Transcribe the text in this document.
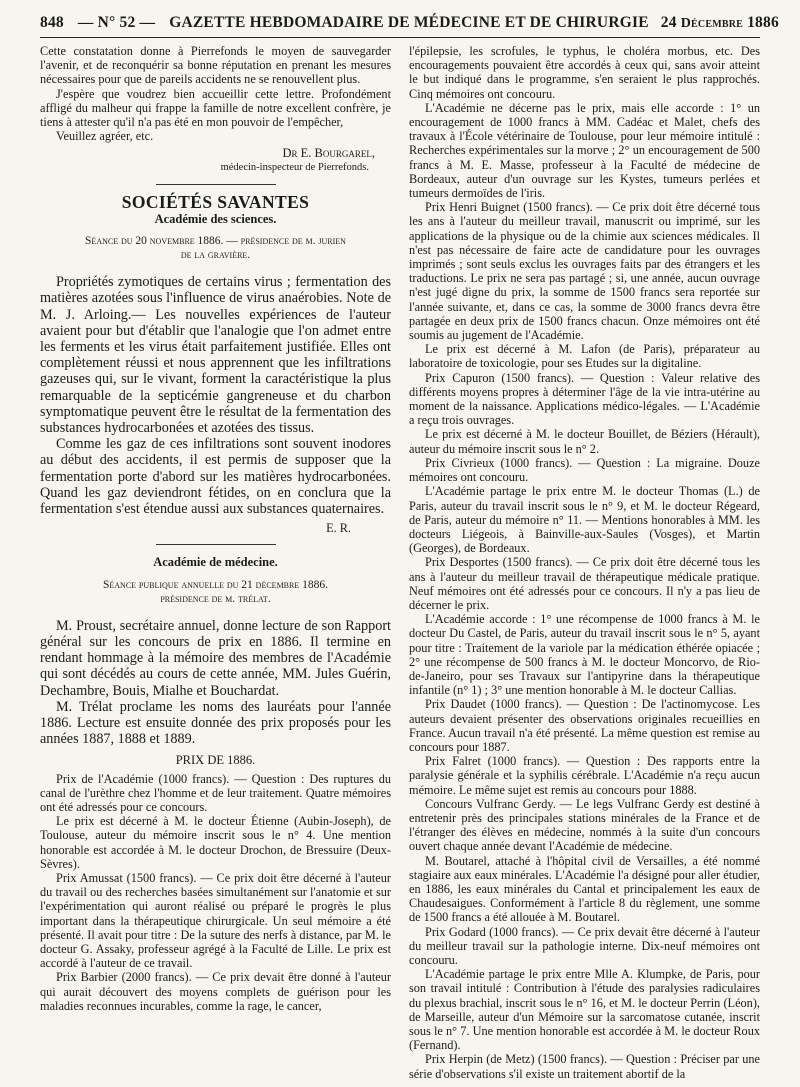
848 — N° 52 — GAZETTE HEBDOMADAIRE DE MÉDECINE ET DE CHIRURGIE 24 Décembre 1886

Cette constatation donne à Pierrefonds le moyen de sauvegarder l'avenir, et de reconquérir sa bonne réputation en prenant les mesures nécessaires pour que de pareils accidents ne se renouvellent plus.

J'espère que voudrez bien accueillir cette lettre. Profondément affligé du malheur qui frappe la famille de notre excellent confrère, je tiens à attester qu'il n'a pas été en mon pouvoir de l'empêcher,

Veuillez agréer, etc.

Dr E. Bourgarel,
médecin-inspecteur de Pierrefonds.
SOCIÉTÉS SAVANTES
Académie des sciences.
Séance du 20 novembre 1886. — présidence de m. jurien
de la gravière.

Propriétés zymotiques de certains virus ; fermentation des matières azotées sous l'influence de virus anaérobies. Note de M. J. Arloing.— Les nouvelles expériences de l'auteur avaient pour but d'établir que l'analogie que l'on admet entre les ferments et les virus était parfaitement justifiée. Elles ont complètement réussi et nous apprennent que les infiltrations gazeuses qui, sur le vivant, forment la caractéristique la plus remarquable de la septicémie gangreneuse et du charbon symptomatique peuvent être le résultat de la fermentation des substances hydrocarbonées et azotées des tissus.

Comme les gaz de ces infiltrations sont souvent inodores au début des accidents, il est permis de supposer que la fermentation porte d'abord sur les matières hydrocarbonées. Quand les gaz deviendront fétides, on en conclura que la fermentation s'est étendue aussi aux substances quaternaires.

E. R.
Académie de médecine.
Séance publique annuelle du 21 décembre 1886.
présidence de m. trélat.

M. Proust, secrétaire annuel, donne lecture de son Rapport général sur les concours de prix en 1886. Il termine en rendant hommage à la mémoire des membres de l'Académie qui sont décédés au cours de cette année, MM. Jules Guérin, Dechambre, Bouis, Mialhe et Bouchardat.

M. Trélat proclame les noms des lauréats pour l'année 1886. Lecture est ensuite donnée des prix proposés pour les années 1887, 1888 et 1889.

PRIX DE 1886.

Prix de l'Académie (1000 francs). — Question : Des ruptures du canal de l'urèthre chez l'homme et de leur traitement. Quatre mémoires ont été adressés pour ce concours.

Le prix est décerné à M. le docteur Étienne (Aubin-Joseph), de Toulouse, auteur du mémoire inscrit sous le n° 4. Une mention honorable est accordée à M. le docteur Drochon, de Bressuire (Deux-Sèvres).

Prix Amussat (1500 francs). — Ce prix doit être décerné à l'auteur du travail ou des recherches basées simultanément sur l'anatomie et sur l'expérimentation qui auront réalisé ou préparé le progrès le plus important dans la thérapeutique chirurgicale. Un seul mémoire a été présenté. Il avait pour titre : De la suture des nerfs à distance, par M. le docteur G. Assaky, professeur agrégé à la Faculté de Lille. Le prix est accordé à l'auteur de ce travail.

Prix Barbier (2000 francs). — Ce prix devait être donné à l'auteur qui aurait découvert des moyens complets de guérison pour les maladies reconnues incurables, comme la rage, le cancer,

l'épilepsie, les scrofules, le typhus, le choléra morbus, etc. Des encouragements pouvaient être accordés à ceux qui, sans avoir atteint le but indiqué dans le programme, s'en seraient le plus rapprochés. Cinq mémoires ont concouru.

L'Académie ne décerne pas le prix, mais elle accorde : 1° un encouragement de 1000 francs à MM. Cadéac et Malet, chefs des travaux à l'École vétérinaire de Toulouse, pour leur mémoire intitulé : Recherches expérimentales sur la morve ; 2° un encouragement de 500 francs à M. E. Masse, professeur à la Faculté de médecine de Bordeaux, auteur d'un ouvrage sur les Kystes, tumeurs perlées et tumeurs dermoïdes de l'iris.

Prix Henri Buignet (1500 francs). — Ce prix doit être décerné tous les ans à l'auteur du meilleur travail, manuscrit ou imprimé, sur les applications de la physique ou de la chimie aux sciences médicales. Il n'est pas nécessaire de faire acte de candidature pour les ouvrages imprimés ; sont seuls exclus les ouvrages faits par des étrangers et les traductions. Le prix ne sera pas partagé ; si, une année, aucun ouvrage n'est jugé digne du prix, la somme de 1500 francs sera reportée sur l'année suivante, et, dans ce cas, la somme de 3000 francs devra être partagée en deux prix de 1500 francs chacun. Onze mémoires ont été soumis au jugement de l'Académie.

Le prix est décerné à M. Lafon (de Paris), préparateur au laboratoire de toxicologie, pour ses Etudes sur la digitaline.

Prix Capuron (1500 francs). — Question : Valeur relative des différents moyens propres à déterminer l'âge de la vie intra-utérine au moment de la naissance. Applications médico-légales. — L'Académie a reçu trois ouvrages.

Le prix est décerné à M. le docteur Bouillet, de Béziers (Hérault), auteur du mémoire inscrit sous le n° 2.

Prix Civrieux (1000 francs). — Question : La migraine. Douze mémoires ont concouru.

L'Académie partage le prix entre M. le docteur Thomas (L.) de Paris, auteur du travail inscrit sous le n° 9, et M. le docteur Régeard, de Paris, auteur du mémoire n° 11. — Mentions honorables à MM. les docteurs Liégeois, à Bainville-aux-Saules (Vosges), et Martin (Georges), de Bordeaux.

Prix Desportes (1500 francs). — Ce prix doit être décerné tous les ans à l'auteur du meilleur travail de thérapeutique médicale pratique. Neuf mémoires ont été adressés pour ce concours. Il n'y a pas lieu de décerner le prix.

L'Académie accorde : 1° une récompense de 1000 francs à M. le docteur Du Castel, de Paris, auteur du travail inscrit sous le n° 5, ayant pour titre : Traitement de la variole par la médication éthérée opiacée ; 2° une récompense de 500 francs à M. le docteur Moncorvo, de Rio-de-Janeiro, pour ses Travaux sur l'antipyrine dans la thérapeutique infantile (n° 1) ; 3° une mention honorable à M. le docteur Callias.

Prix Daudet (1000 francs). — Question : De l'actinomycose. Les auteurs devaient présenter des observations originales recueillies en France. Aucun travail n'a été présenté. La même question est remise au concours pour 1887.

Prix Falret (1000 francs). — Question : Des rapports entre la paralysie générale et la syphilis cérébrale. L'Académie n'a reçu aucun mémoire. Le même sujet est remis au concours pour 1888.

Concours Vulfranc Gerdy. — Le legs Vulfranc Gerdy est destiné à entretenir près des principales stations minérales de la France et de l'étranger des élèves en médecine, nommés à la suite d'un concours ouvert chaque année devant l'Académie de médecine.

M. Boutarel, attaché à l'hôpital civil de Versailles, a été nommé stagiaire aux eaux minérales. L'Académie l'a désigné pour aller étudier, en 1886, les eaux minérales du Cantal et principalement les eaux de Chaudesaigues. Conformément à l'article 8 du règlement, une somme de 1500 francs a été allouée à M. Boutarel.

Prix Godard (1000 francs). — Ce prix devait être décerné à l'auteur du meilleur travail sur la pathologie interne. Dix-neuf mémoires ont concouru.

L'Académie partage le prix entre Mlle A. Klumpke, de Paris, pour son travail intitulé : Contribution à l'étude des paralysies radiculaires du plexus brachial, inscrit sous le n° 16, et M. le docteur Perrin (Léon), de Marseille, auteur d'un Mémoire sur la sarcomatose cutanée, inscrit sous le n° 7. Une mention honorable est accordée à M. le docteur Roux (Fernand).

Prix Herpin (de Metz) (1500 francs). — Question : Préciser par une série d'observations s'il existe un traitement abortif de la
